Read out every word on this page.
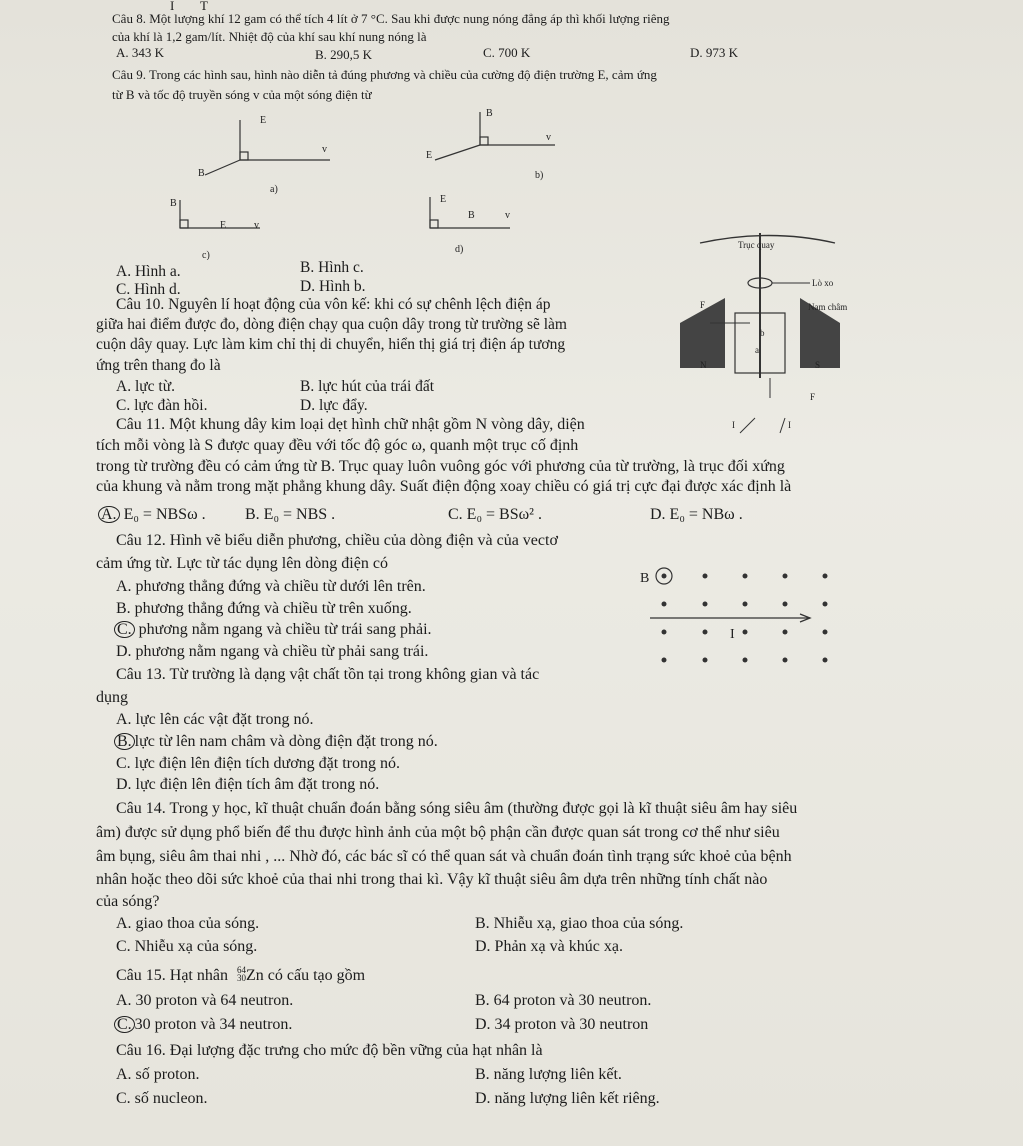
I T
Câu 8. Một lượng khí 12 gam có thể tích 4 lít ở 7 °C. Sau khi được nung nóng đẳng áp thì khối lượng riêng
của khí là 1,2 gam/lít. Nhiệt độ của khí sau khí nung nóng là
A. 343 K	B. 290,5 K	C. 700 K	D. 973 K
Câu 9. Trong các hình sau, hình nào diễn tả đúng phương và chiều của cường độ điện trường E, cảm ứng
từ B và tốc độ truyền sóng v của một sóng điện từ
E
v
B
a)
B
v
E
b)
B
E	v
c)
E
B	v
d)
A. Hình a.	B. Hình c.
C. Hình d.	D. Hình b.
Câu 10. Nguyên lí hoạt động của vôn kế: khi có sự chênh lệch điện áp
giữa hai điểm được đo, dòng điện chạy qua cuộn dây trong từ trường sẽ làm
cuộn dây quay. Lực làm kim chỉ thị di chuyển, hiển thị giá trị điện áp tương
ứng trên thang đo là
A. lực từ.	B. lực hút của trái đất
C. lực đàn hồi.	D. lực đẩy.
Trục quay
Lò xo
Nam châm
F
b
a
N	S
F
I	I
Câu 11. Một khung dây kim loại dẹt hình chữ nhật gồm N vòng dây, diện
tích mỗi vòng là S được quay đều với tốc độ góc ω, quanh một trục cố định
trong từ trường đều có cảm ứng từ B. Trục quay luôn vuông góc với phương của từ trường, là trục đối xứng
của khung và nằm trong mặt phẳng khung dây. Suất điện động xoay chiều có giá trị cực đại được xác định là
A. E₀ = NBSω . B. E₀ = NBS .	C. E₀ = BSω² .	D. E₀ = NBω .
Câu 12. Hình vẽ biểu diễn phương, chiều của dòng điện và của vectơ
cảm ứng từ. Lực từ tác dụng lên dòng điện có
A. phương thẳng đứng và chiều từ dưới lên trên.
B. phương thẳng đứng và chiều từ trên xuống.
C. phương nằm ngang và chiều từ trái sang phải.
D. phương nằm ngang và chiều từ phải sang trái.
B
I
Câu 13. Từ trường là dạng vật chất tồn tại trong không gian và tác
dụng
A. lực lên các vật đặt trong nó.
B. lực từ lên nam châm và dòng điện đặt trong nó.
C. lực điện lên điện tích dương đặt trong nó.
D. lực điện lên điện tích âm đặt trong nó.
Câu 14. Trong y học, kĩ thuật chuẩn đoán bằng sóng siêu âm (thường được gọi là kĩ thuật siêu âm hay siêu
âm) được sử dụng phổ biến để thu được hình ảnh của một bộ phận cần được quan sát trong cơ thể như siêu
âm bụng, siêu âm thai nhi , ... Nhờ đó, các bác sĩ có thể quan sát và chuẩn đoán tình trạng sức khoẻ của bệnh
nhân hoặc theo dõi sức khoẻ của thai nhi trong thai kì. Vậy kĩ thuật siêu âm dựa trên những tính chất nào
của sóng?
A. giao thoa của sóng.	B. Nhiễu xạ, giao thoa của sóng.
C. Nhiễu xạ của sóng.	D. Phản xạ và khúc xạ.
Câu 15. Hạt nhân 64
30 Zn có cấu tạo gồm
A. 30 proton và 64 neutron.	B. 64 proton và 30 neutron.
C. 30 proton và 34 neutron.	D. 34 proton và 30 neutron
Câu 16. Đại lượng đặc trưng cho mức độ bền vững của hạt nhân là
A. số proton.	B. năng lượng liên kết.
C. số nucleon.	D. năng lượng liên kết riêng.
